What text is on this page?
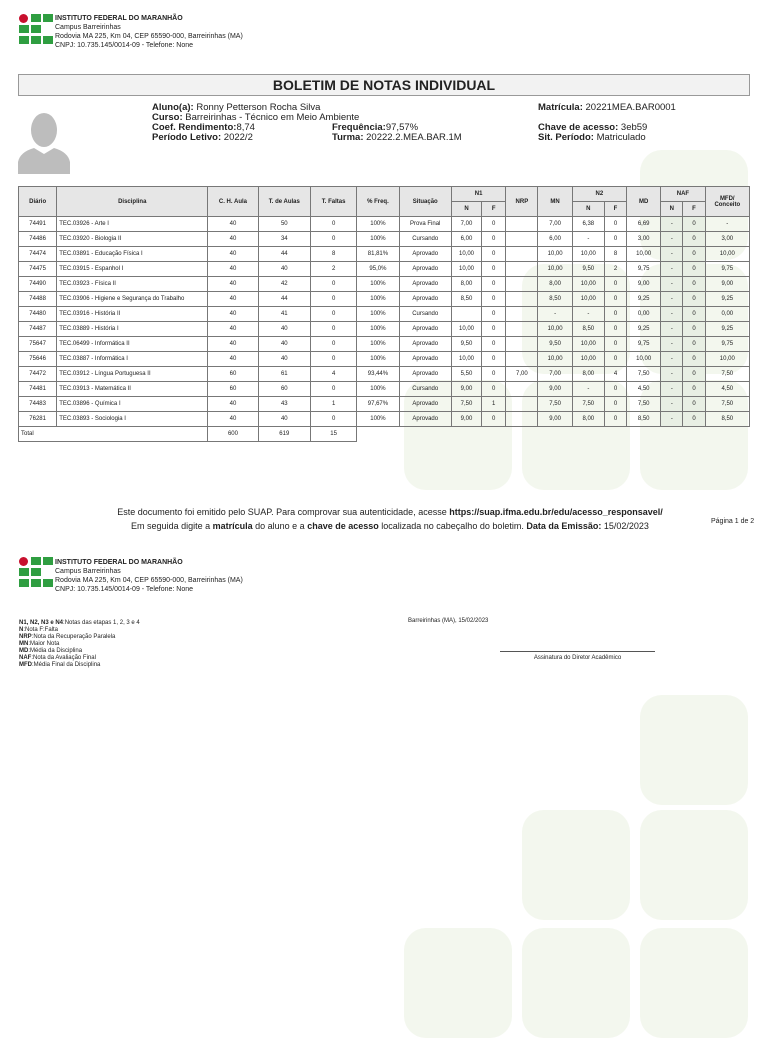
INSTITUTO FEDERAL DO MARANHÃO
Campus Barreirinhas
Rodovia MA 225, Km 04, CEP 65590-000, Barreirinhas (MA)
CNPJ: 10.735.145/0014-09 - Telefone: None
BOLETIM DE NOTAS INDIVIDUAL
Aluno(a): Ronny Petterson Rocha Silva
Curso: Barreirinhas - Técnico em Meio Ambiente
Coef. Rendimento:8,74
Período Letivo: 2022/2
Frequência:97,57%
Turma: 20222.2.MEA.BAR.1M
Matrícula: 20221MEA.BAR0001
Chave de acesso: 3eb59
Sit. Período: Matriculado
Diário	Disciplina	C. H. Aula	T. de Aulas	T. Faltas	% Freq.	Situação	N1		NRP	MN	N2		MD	NAF		MFD/ Conceito
							N	F			N	F		N	F	
74491	TEC.03926 - Arte I	40	50	0	100%	Prova Final	7,00	0		7,00	6,38	0	6,69	-	0	-
74486	TEC.03920 - Biologia II	40	34	0	100%	Cursando	6,00	0		6,00	-	0	3,00	-	0	3,00
74474	TEC.03891 - Educação Física I	40	44	8	81,81%	Aprovado	10,00	0		10,00	10,00	8	10,00	-	0	10,00
74475	TEC.03915 - Espanhol I	40	40	2	95,0%	Aprovado	10,00	0		10,00	9,50	2	9,75	-	0	9,75
74490	TEC.03923 - Física II	40	42	0	100%	Aprovado	8,00	0		8,00	10,00	0	9,00	-	0	9,00
74488	TEC.03906 - Higiene e Segurança do Trabalho	40	44	0	100%	Aprovado	8,50	0		8,50	10,00	0	9,25	-	0	9,25
74480	TEC.03916 - História II	40	41	0	100%	Cursando		0		-	-	0	0,00	-	0	0,00
74487	TEC.03889 - História I	40	40	0	100%	Aprovado	10,00	0		10,00	8,50	0	9,25	-	0	9,25
75647	TEC.06499 - Informática II	40	40	0	100%	Aprovado	9,50	0		9,50	10,00	0	9,75	-	0	9,75
75646	TEC.03887 - Informática I	40	40	0	100%	Aprovado	10,00	0		10,00	10,00	0	10,00	-	0	10,00
74472	TEC.03912 - Língua Portuguesa II	60	61	4	93,44%	Aprovado	5,50	0	7,00	7,00	8,00	4	7,50	-	0	7,50
74481	TEC.03913 - Matemática II	60	60	0	100%	Cursando	9,00	0		9,00	-	0	4,50	-	0	4,50
74483	TEC.03896 - Química I	40	43	1	97,67%	Aprovado	7,50	1		7,50	7,50	0	7,50	-	0	7,50
76281	TEC.03893 - Sociologia I	40	40	0	100%	Aprovado	9,00	0		9,00	8,00	0	8,50	-	0	8,50
Total		600	619	15												
Este documento foi emitido pelo SUAP. Para comprovar sua autenticidade, acesse https://suap.ifma.edu.br/edu/acesso_responsavel/
Em seguida digite a matrícula do aluno e a chave de acesso localizada no cabeçalho do boletim. Data da Emissão: 15/02/2023	Página 1 de 2
INSTITUTO FEDERAL DO MARANHÃO
Campus Barreirinhas
Rodovia MA 225, Km 04, CEP 65590-000, Barreirinhas (MA)
CNPJ: 10.735.145/0014-09 - Telefone: None
N1, N2, N3 e N4:Notas das etapas 1, 2, 3 e 4
N:Nota F:Falta
NRP:Nota da Recuperação Paralela
MN:Maior Nota
MD:Média da Disciplina
NAF:Nota da Avaliação Final
MFD:Média Final da Disciplina
Barreirinhas (MA), 15/02/2023
Assinatura do Diretor Acadêmico
